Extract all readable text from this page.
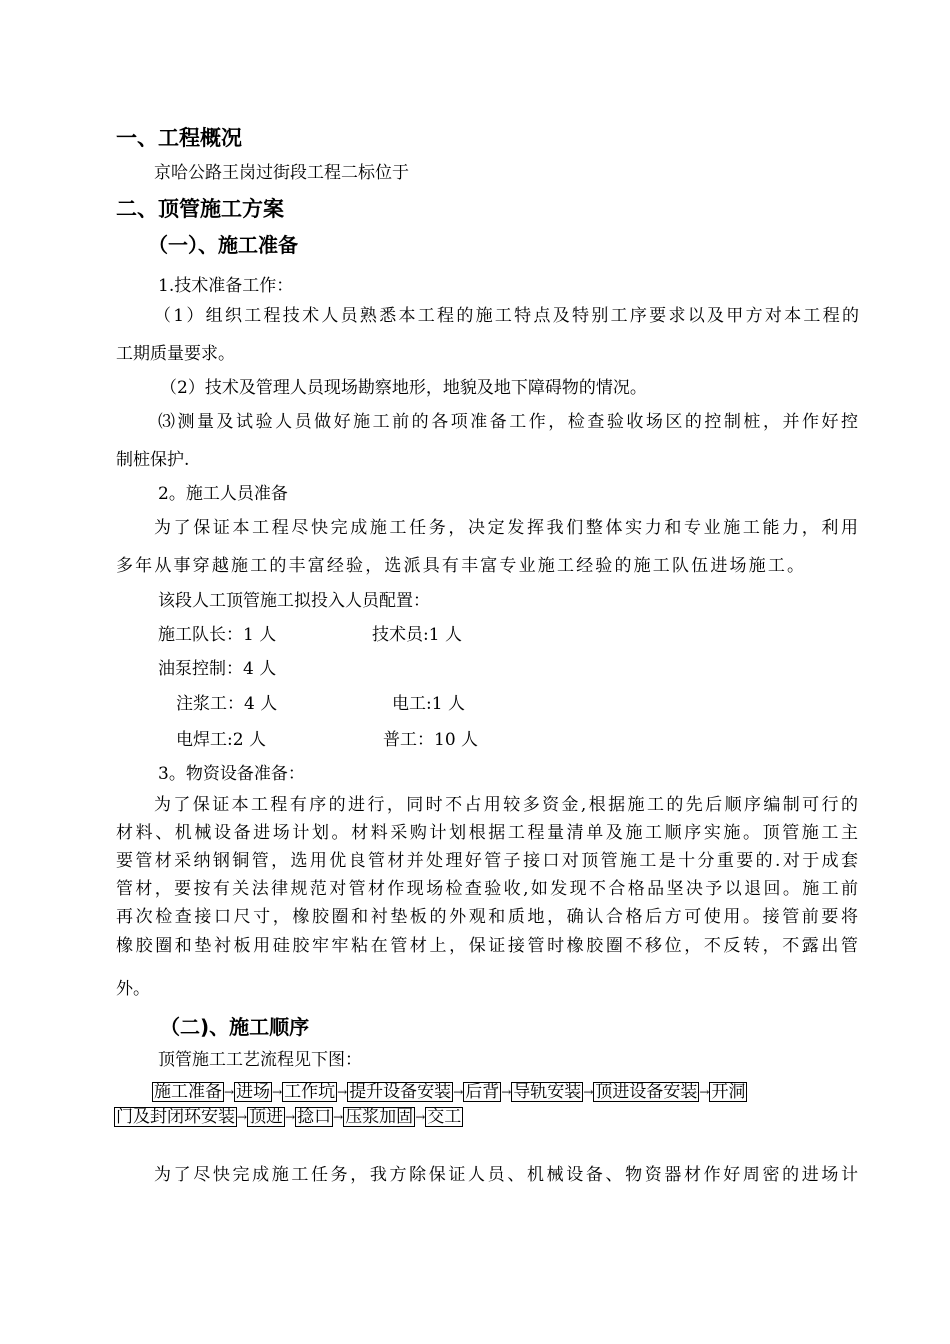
一、工程概况
京哈公路王岗过街段工程二标位于
二、顶管施工方案
（一）、施工准备
1.技术准备工作：
（1）组织工程技术人员熟悉本工程的施工特点及特别工序要求以及甲方对本工程的
工期质量要求。
（2）技术及管理人员现场勘察地形，地貌及地下障碍物的情况。
⑶测量及试验人员做好施工前的各项准备工作，检查验收场区的控制桩，并作好控
制桩保护.
2。施工人员准备
为了保证本工程尽快完成施工任务，决定发挥我们整体实力和专业施工能力，利用
多年从事穿越施工的丰富经验，选派具有丰富专业施工经验的施工队伍进场施工。
该段人工顶管施工拟投入人员配置：
施工队长：1 人	技术员:1 人
油泵控制：4 人
注浆工：4 人	电工:1 人
电焊工:2 人	普工：10 人
3。物资设备准备：
为了保证本工程有序的进行，同时不占用较多资金,根据施工的先后顺序编制可行的
材料、机械设备进场计划。材料采购计划根据工程量清单及施工顺序实施。顶管施工主
要管材采纳钢铜管，选用优良管材并处理好管子接口对顶管施工是十分重要的.对于成套
管材，要按有关法律规范对管材作现场检查验收,如发现不合格品坚决予以退回。施工前
再次检查接口尺寸，橡胶圈和衬垫板的外观和质地，确认合格后方可使用。接管前要将
橡胶圈和垫衬板用硅胶牢牢粘在管材上，保证接管时橡胶圈不移位，不反转，不露出管
外。
（二)、施工顺序
顶管施工工艺流程见下图：
施工准备 → 进场 → 工作坑 → 提升设备安装 → 后背 → 导轨安装 → 顶进设备安装 → 开洞
门及封闭环安装 → 顶进 → 捻口 → 压浆加固 → 交工
为了尽快完成施工任务，我方除保证人员、机械设备、物资器材作好周密的进场计
